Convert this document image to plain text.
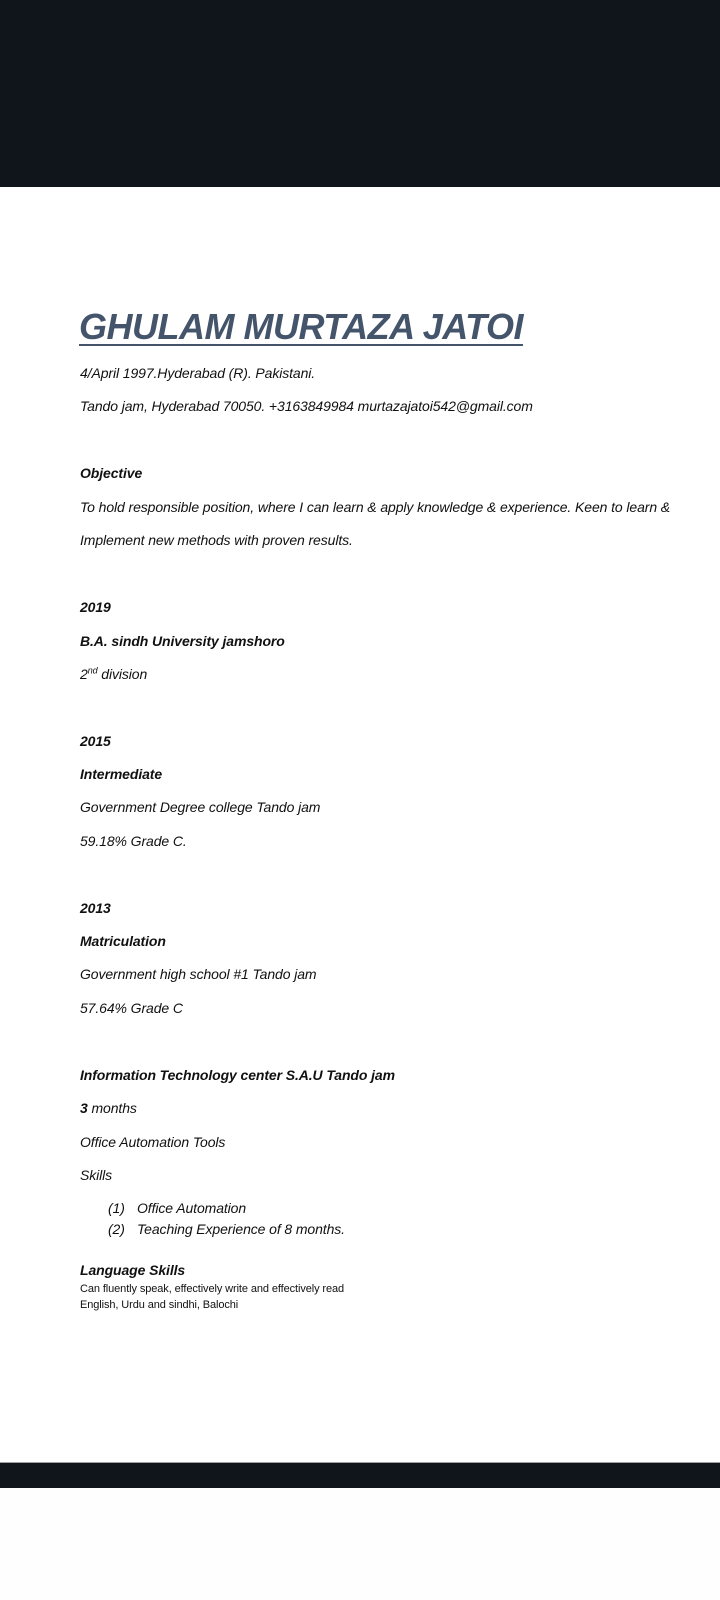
GHULAM MURTAZA JATOI

4/April 1997.Hyderabad (R). Pakistani.

Tando jam, Hyderabad 70050. +3163849984 murtazajatoi542@gmail.com

Objective

To hold responsible position, where I can learn & apply knowledge & experience. Keen to learn &

Implement new methods with proven results.

2019

B.A. sindh University jamshoro

2nd division

2015

Intermediate

Government Degree college Tando jam

59.18% Grade C.

2013

Matriculation

Government high school #1 Tando jam

57.64% Grade C

Information Technology center S.A.U Tando jam

3 months

Office Automation Tools

Skills

(1) Office Automation

(2) Teaching Experience of 8 months.

Language Skills

Can fluently speak, effectively write and effectively read

English, Urdu and sindhi, Balochi
